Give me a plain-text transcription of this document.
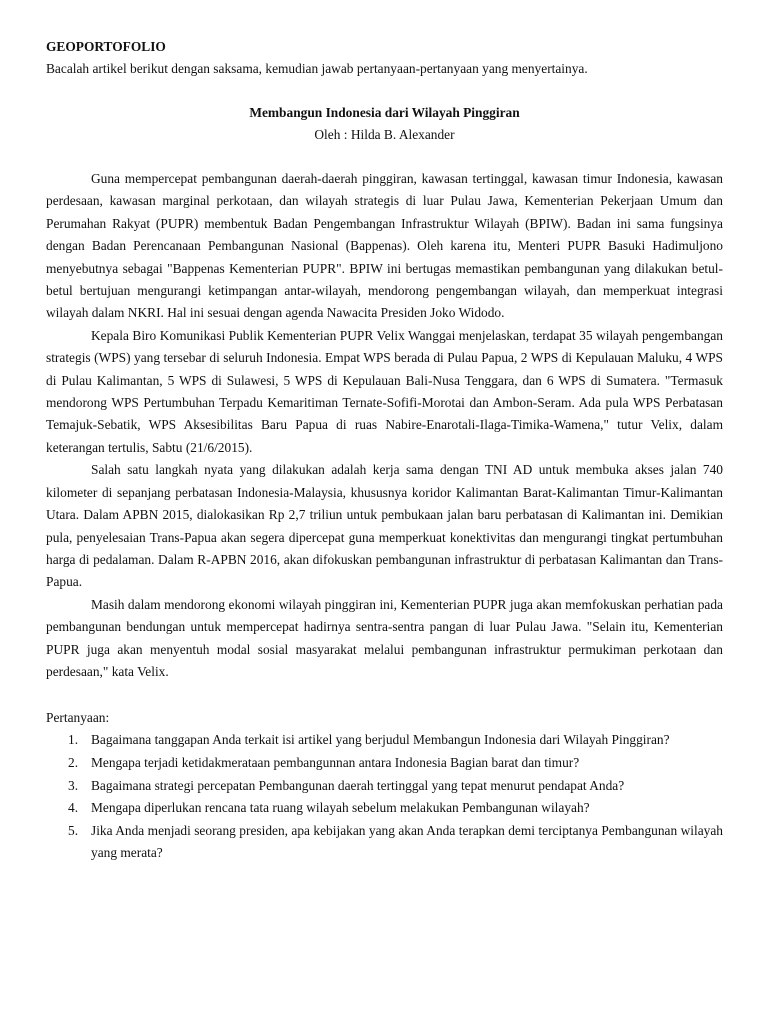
GEOPORTOFOLIO

Bacalah artikel berikut dengan saksama, kemudian jawab pertanyaan-pertanyaan yang menyertainya.

Membangun Indonesia dari Wilayah Pinggiran

Oleh : Hilda B. Alexander

Guna mempercepat pembangunan daerah-daerah pinggiran, kawasan tertinggal, kawasan timur Indonesia, kawasan perdesaan, kawasan marginal perkotaan, dan wilayah strategis di luar Pulau Jawa, Kementerian Pekerjaan Umum dan Perumahan Rakyat (PUPR) membentuk Badan Pengembangan Infrastruktur Wilayah (BPIW). Badan ini sama fungsinya dengan Badan Perencanaan Pembangunan Nasional (Bappenas). Oleh karena itu, Menteri PUPR Basuki Hadimuljono menyebutnya sebagai "Bappenas Kementerian PUPR". BPIW ini bertugas memastikan pembangunan yang dilakukan betul-betul bertujuan mengurangi ketimpangan antar-wilayah, mendorong pengembangan wilayah, dan memperkuat integrasi wilayah dalam NKRI. Hal ini sesuai dengan agenda Nawacita Presiden Joko Widodo.

Kepala Biro Komunikasi Publik Kementerian PUPR Velix Wanggai menjelaskan, terdapat 35 wilayah pengembangan strategis (WPS) yang tersebar di seluruh Indonesia. Empat WPS berada di Pulau Papua, 2 WPS di Kepulauan Maluku, 4 WPS di Pulau Kalimantan, 5 WPS di Sulawesi, 5 WPS di Kepulauan Bali-Nusa Tenggara, dan 6 WPS di Sumatera. "Termasuk mendorong WPS Pertumbuhan Terpadu Kemaritiman Ternate-Sofifi-Morotai dan Ambon-Seram. Ada pula WPS Perbatasan Temajuk-Sebatik, WPS Aksesibilitas Baru Papua di ruas Nabire-Enarotali-Ilaga-Timika-Wamena," tutur Velix, dalam keterangan tertulis, Sabtu (21/6/2015).

Salah satu langkah nyata yang dilakukan adalah kerja sama dengan TNI AD untuk membuka akses jalan 740 kilometer di sepanjang perbatasan Indonesia-Malaysia, khususnya koridor Kalimantan Barat-Kalimantan Timur-Kalimantan Utara. Dalam APBN 2015, dialokasikan Rp 2,7 triliun untuk pembukaan jalan baru perbatasan di Kalimantan ini. Demikian pula, penyelesaian Trans-Papua akan segera dipercepat guna memperkuat konektivitas dan mengurangi tingkat pertumbuhan harga di pedalaman. Dalam R-APBN 2016, akan difokuskan pembangunan infrastruktur di perbatasan Kalimantan dan Trans-Papua.

Masih dalam mendorong ekonomi wilayah pinggiran ini, Kementerian PUPR juga akan memfokuskan perhatian pada pembangunan bendungan untuk mempercepat hadirnya sentra-sentra pangan di luar Pulau Jawa. "Selain itu, Kementerian PUPR juga akan menyentuh modal sosial masyarakat melalui pembangunan infrastruktur permukiman perkotaan dan perdesaan," kata Velix.

Pertanyaan:

1. Bagaimana tanggapan Anda terkait isi artikel yang berjudul Membangun Indonesia dari Wilayah Pinggiran?
2. Mengapa terjadi ketidakmerataan pembangunnan antara Indonesia Bagian barat dan timur?
3. Bagaimana strategi percepatan Pembangunan daerah tertinggal yang tepat menurut pendapat Anda?
4. Mengapa diperlukan rencana tata ruang wilayah sebelum melakukan Pembangunan wilayah?
5. Jika Anda menjadi seorang presiden, apa kebijakan yang akan Anda terapkan demi terciptanya Pembangunan wilayah yang merata?
